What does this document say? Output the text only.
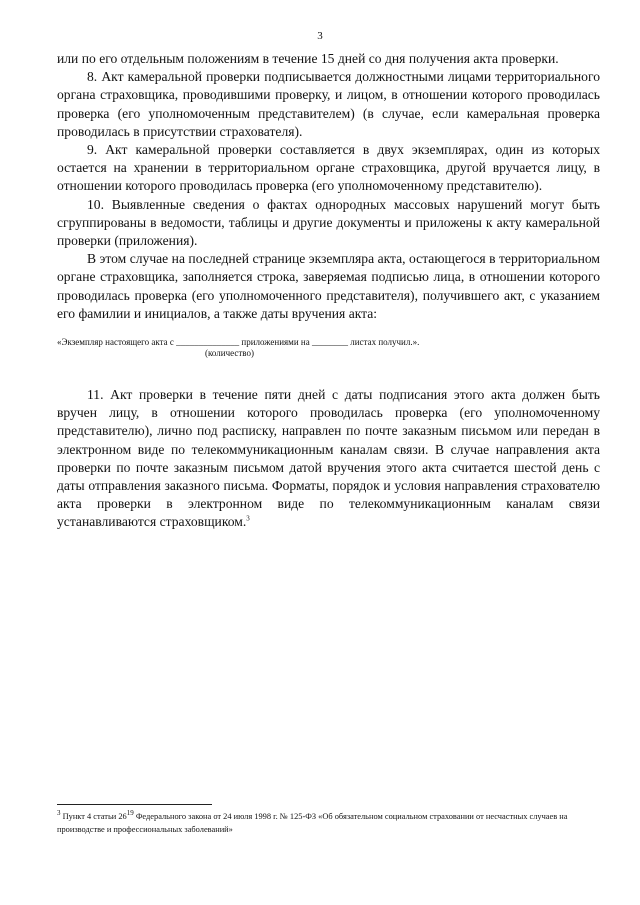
3

или по его отдельным положениям в течение 15 дней со дня получения акта проверки.

8. Акт камеральной проверки подписывается должностными лицами территориального органа страховщика, проводившими проверку, и лицом, в отношении которого проводилась проверка (его уполномоченным представителем) (в случае, если камеральная проверка проводилась в присутствии страхователя).

9. Акт камеральной проверки составляется в двух экземплярах, один из которых остается на хранении в территориальном органе страховщика, другой вручается лицу, в отношении которого проводилась проверка (его уполномоченному представителю).

10. Выявленные сведения о фактах однородных массовых нарушений могут быть сгруппированы в ведомости, таблицы и другие документы и приложены к акту камеральной проверки (приложения).

В этом случае на последней странице экземпляра акта, остающегося в территориальном органе страховщика, заполняется строка, заверяемая подписью лица, в отношении которого проводилась проверка (его уполномоченного представителя), получившего акт, с указанием его фамилии и инициалов, а также даты вручения акта:

«Экземпляр настоящего акта с ______________ приложениями на ________ листах получил.».
(количество)

11. Акт проверки в течение пяти дней с даты подписания этого акта должен быть вручен лицу, в отношении которого проводилась проверка (его уполномоченному представителю), лично под расписку, направлен по почте заказным письмом или передан в электронном виде по телекоммуникационным каналам связи. В случае направления акта проверки по почте заказным письмом датой вручения этого акта считается шестой день с даты отправления заказного письма. Форматы, порядок и условия направления страхователю акта проверки в электронном виде по телекоммуникационным каналам связи устанавливаются страховщиком.$^3$

$^3$ Пункт 4 статьи $26^{19}$ Федерального закона от 24 июля 1998 г. № 125-ФЗ «Об обязательном социальном страховании от несчастных случаев на производстве и профессиональных заболеваний»
